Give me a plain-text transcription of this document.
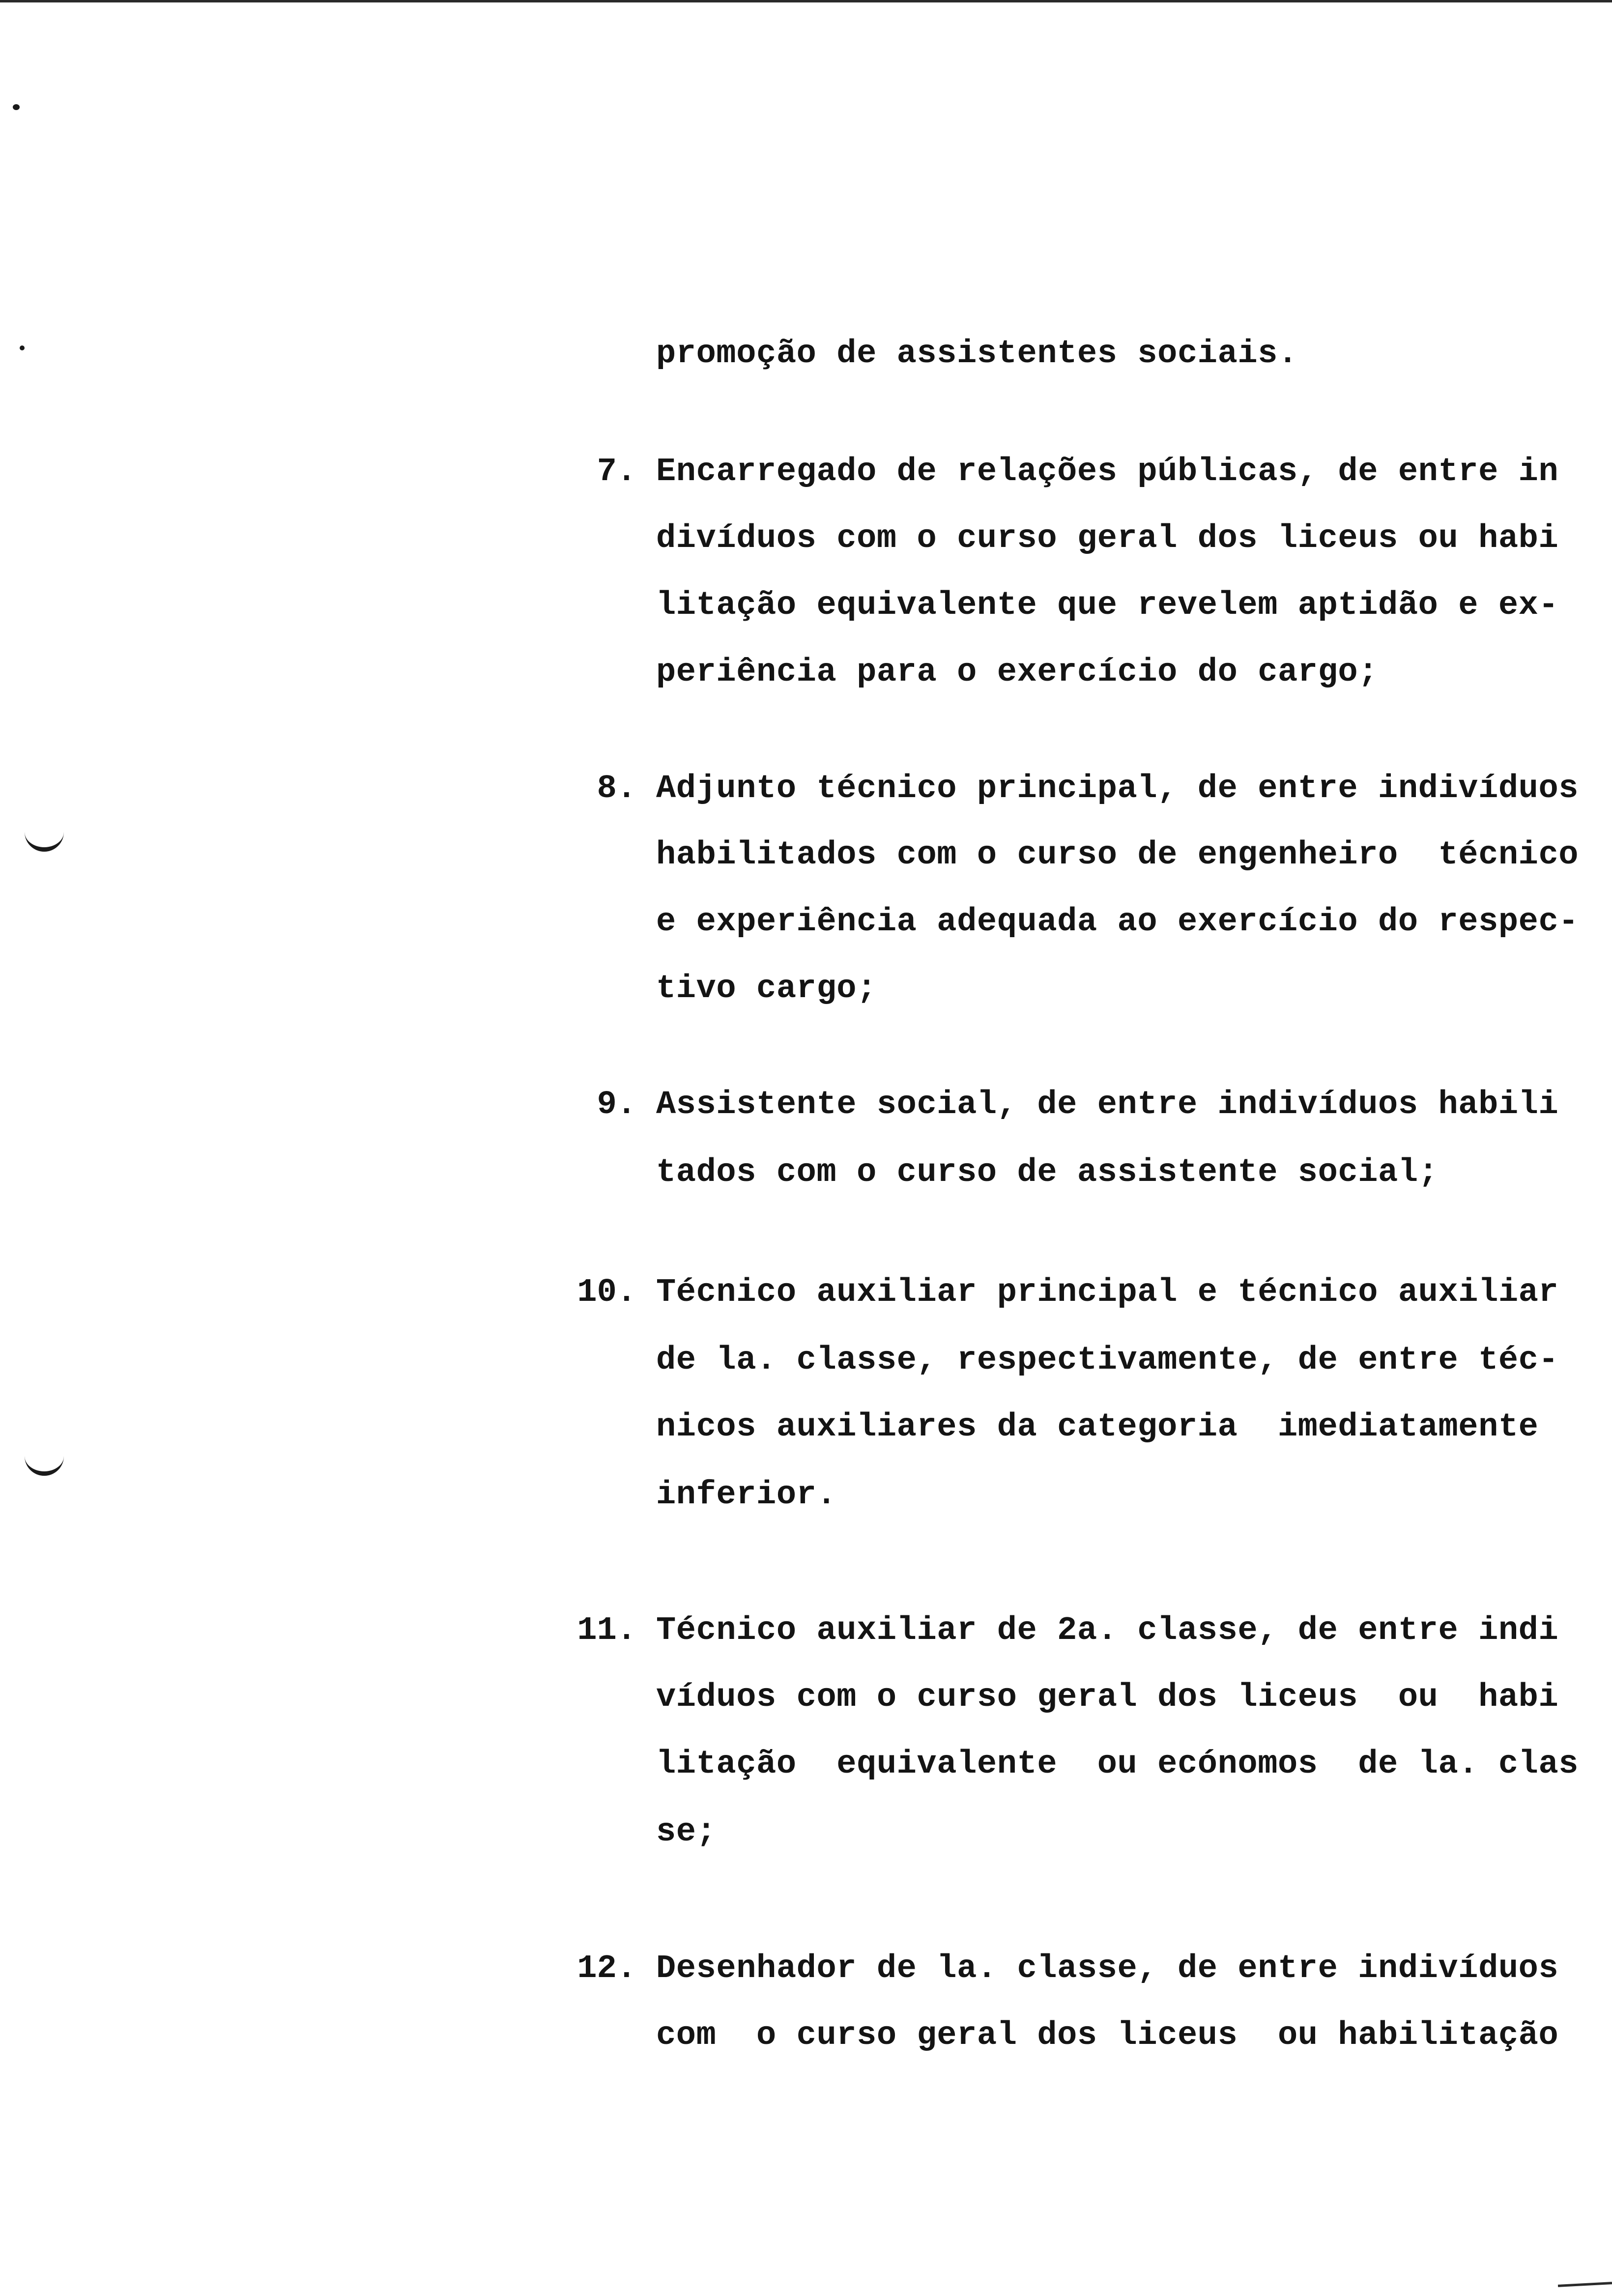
promoção de assistentes sociais.
7. Encarregado de relações públicas, de entre in
divíduos com o curso geral dos liceus ou habi
litação equivalente que revelem aptidão e ex-
periência para o exercício do cargo;
8. Adjunto técnico principal, de entre indivíduos
habilitados com o curso de engenheiro  técnico
e experiência adequada ao exercício do respec-
tivo cargo;
9. Assistente social, de entre indivíduos habili
tados com o curso de assistente social;
10. Técnico auxiliar principal e técnico auxiliar
de la. classe, respectivamente, de entre téc-
nicos auxiliares da categoria  imediatamente
inferior.
11. Técnico auxiliar de 2a. classe, de entre indi
víduos com o curso geral dos liceus  ou  habi
litação  equivalente  ou ecónomos  de la. clas
se;
12. Desenhador de la. classe, de entre indivíduos
com  o curso geral dos liceus  ou habilitação
